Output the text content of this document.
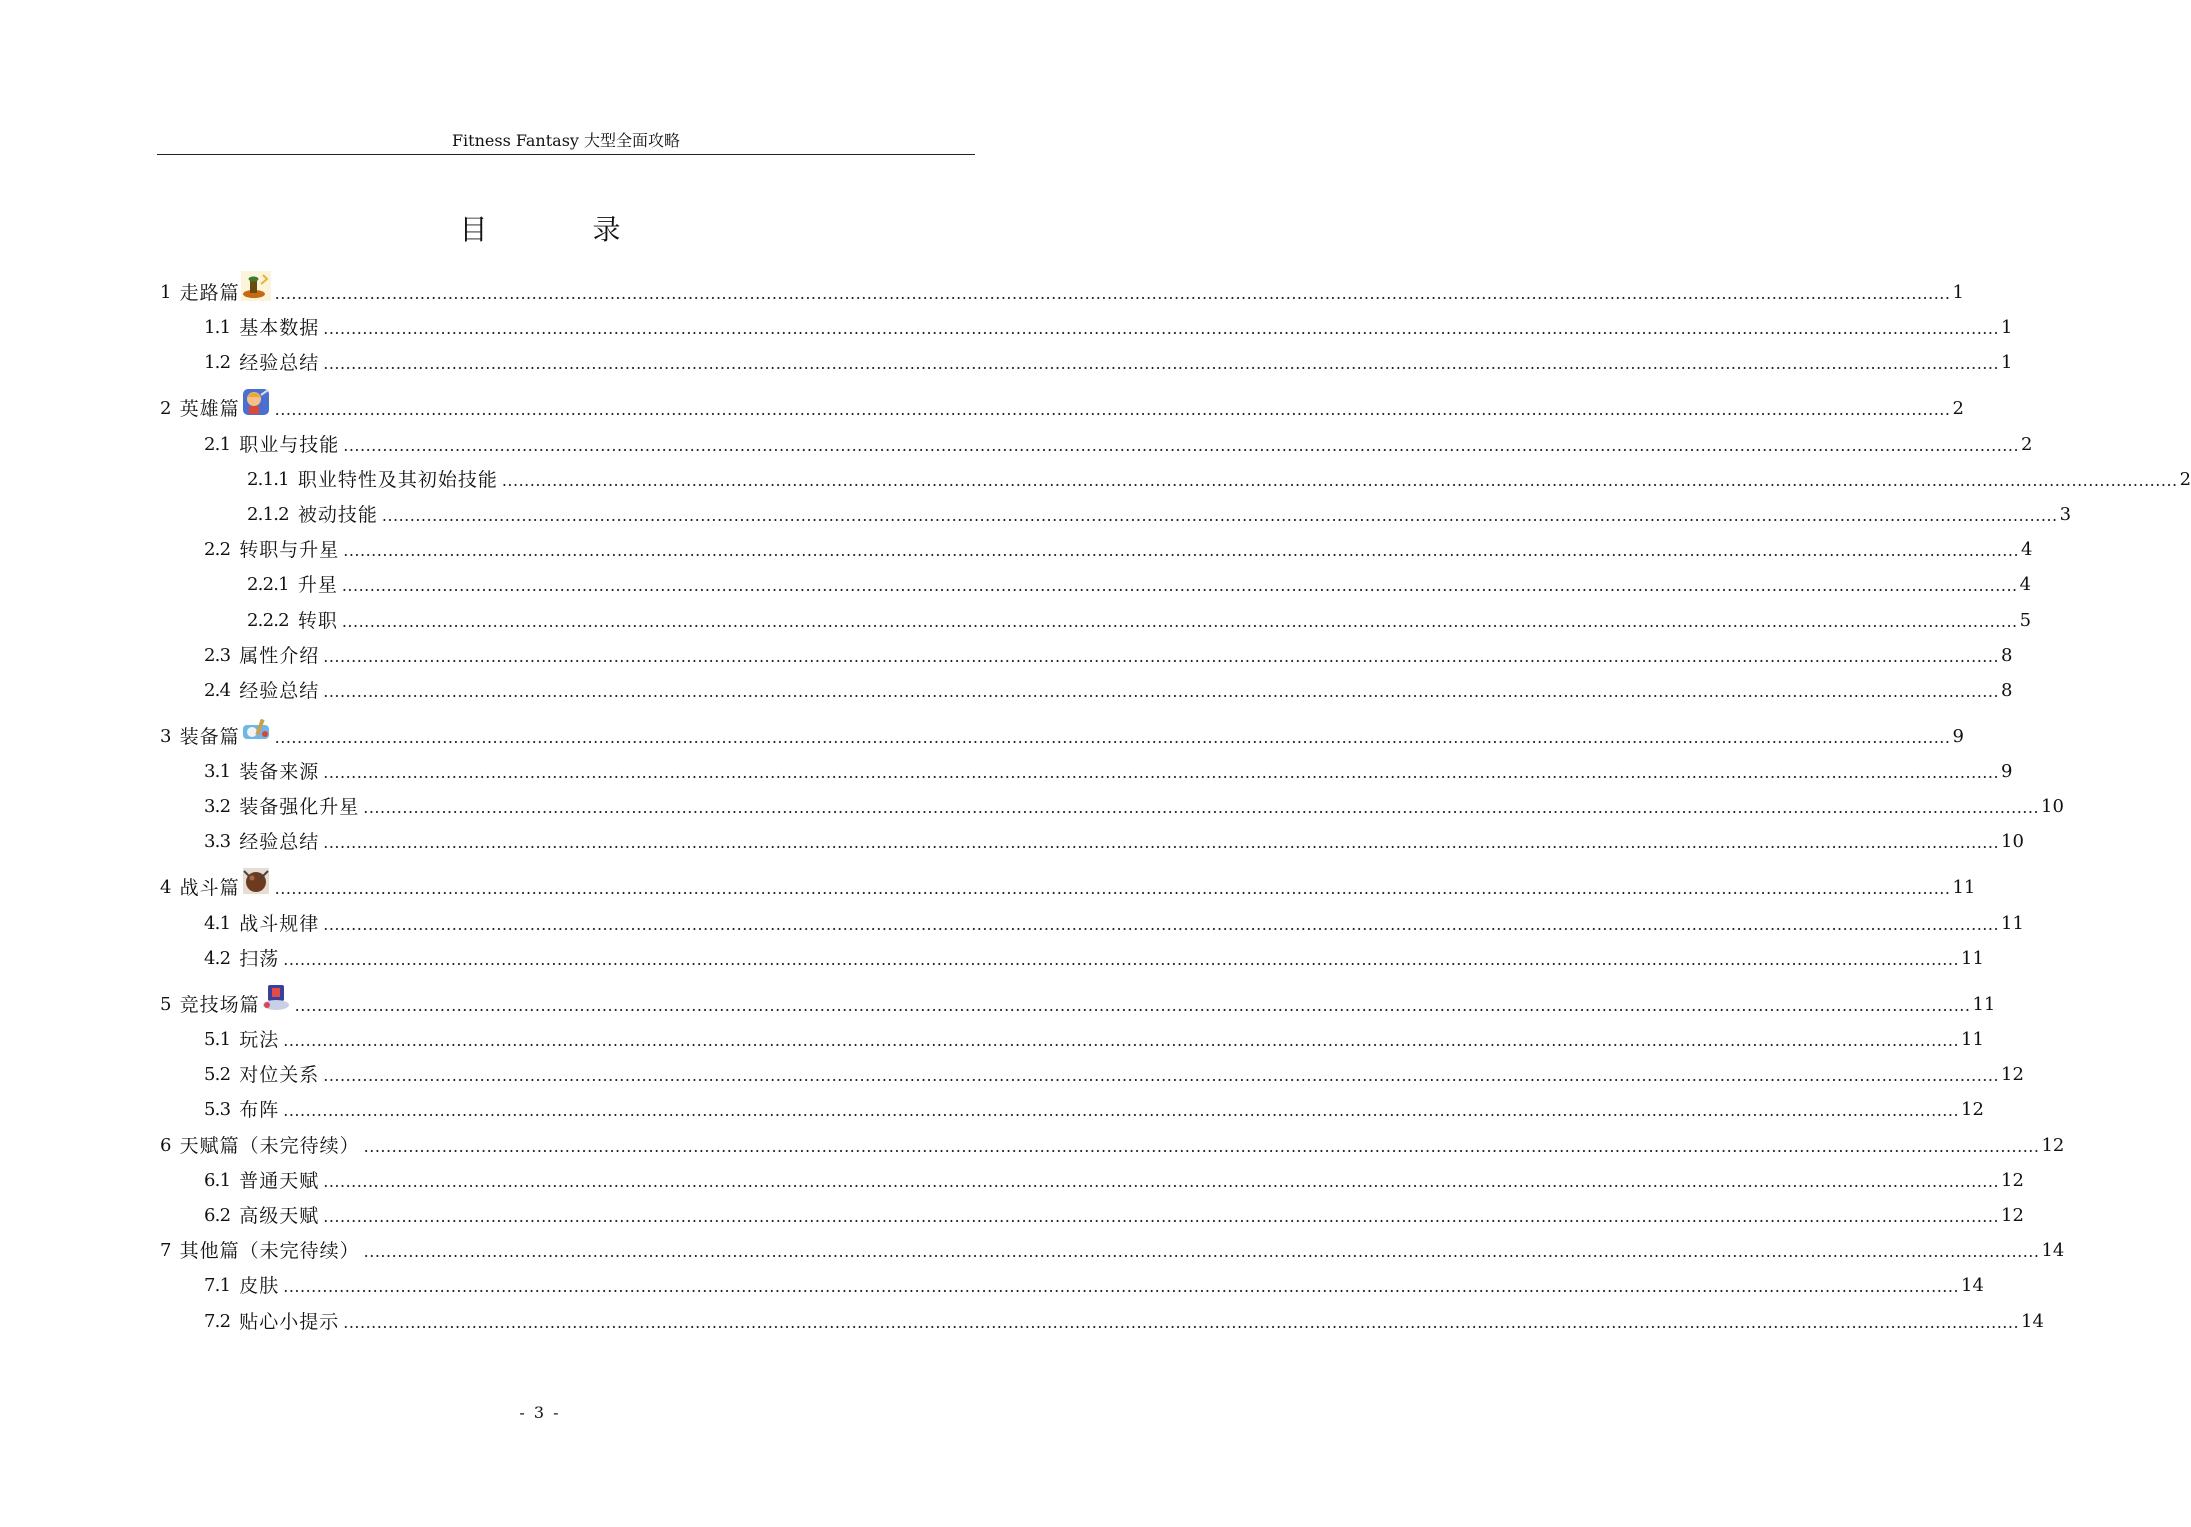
Fitness Fantasy 大型全面攻略
目 录
1 走路篇 ............................................................................................................................................................................................................................................................................................................ 1
1.1 基本数据 ............................................................................................................................................................................................................................................................................................................ 1
1.2 经验总结 ............................................................................................................................................................................................................................................................................................................ 1
2 英雄篇 ............................................................................................................................................................................................................................................................................................................ 2
2.1 职业与技能 ............................................................................................................................................................................................................................................................................................................ 2
2.1.1 职业特性及其初始技能 ............................................................................................................................................................................................................................................................................................................ 2
2.1.2 被动技能 ............................................................................................................................................................................................................................................................................................................ 3
2.2 转职与升星 ............................................................................................................................................................................................................................................................................................................ 4
2.2.1 升星 ............................................................................................................................................................................................................................................................................................................ 4
2.2.2 转职 ............................................................................................................................................................................................................................................................................................................ 5
2.3 属性介绍 ............................................................................................................................................................................................................................................................................................................ 8
2.4 经验总结 ............................................................................................................................................................................................................................................................................................................ 8
3 装备篇 ............................................................................................................................................................................................................................................................................................................ 9
3.1 装备来源 ............................................................................................................................................................................................................................................................................................................ 9
3.2 装备强化升星 ............................................................................................................................................................................................................................................................................................................ 10
3.3 经验总结 ............................................................................................................................................................................................................................................................................................................ 10
4 战斗篇 ............................................................................................................................................................................................................................................................................................................ 11
4.1 战斗规律 ............................................................................................................................................................................................................................................................................................................ 11
4.2 扫荡 ............................................................................................................................................................................................................................................................................................................ 11
5 竞技场篇 ............................................................................................................................................................................................................................................................................................................ 11
5.1 玩法 ............................................................................................................................................................................................................................................................................................................ 11
5.2 对位关系 ............................................................................................................................................................................................................................................................................................................ 12
5.3 布阵 ............................................................................................................................................................................................................................................................................................................ 12
6 天赋篇（未完待续） ............................................................................................................................................................................................................................................................................................................ 12
6.1 普通天赋 ............................................................................................................................................................................................................................................................................................................ 12
6.2 高级天赋 ............................................................................................................................................................................................................................................................................................................ 12
7 其他篇（未完待续） ............................................................................................................................................................................................................................................................................................................ 14
7.1 皮肤 ............................................................................................................................................................................................................................................................................................................ 14
7.2 贴心小提示 ............................................................................................................................................................................................................................................................................................................ 14
- 3 -
